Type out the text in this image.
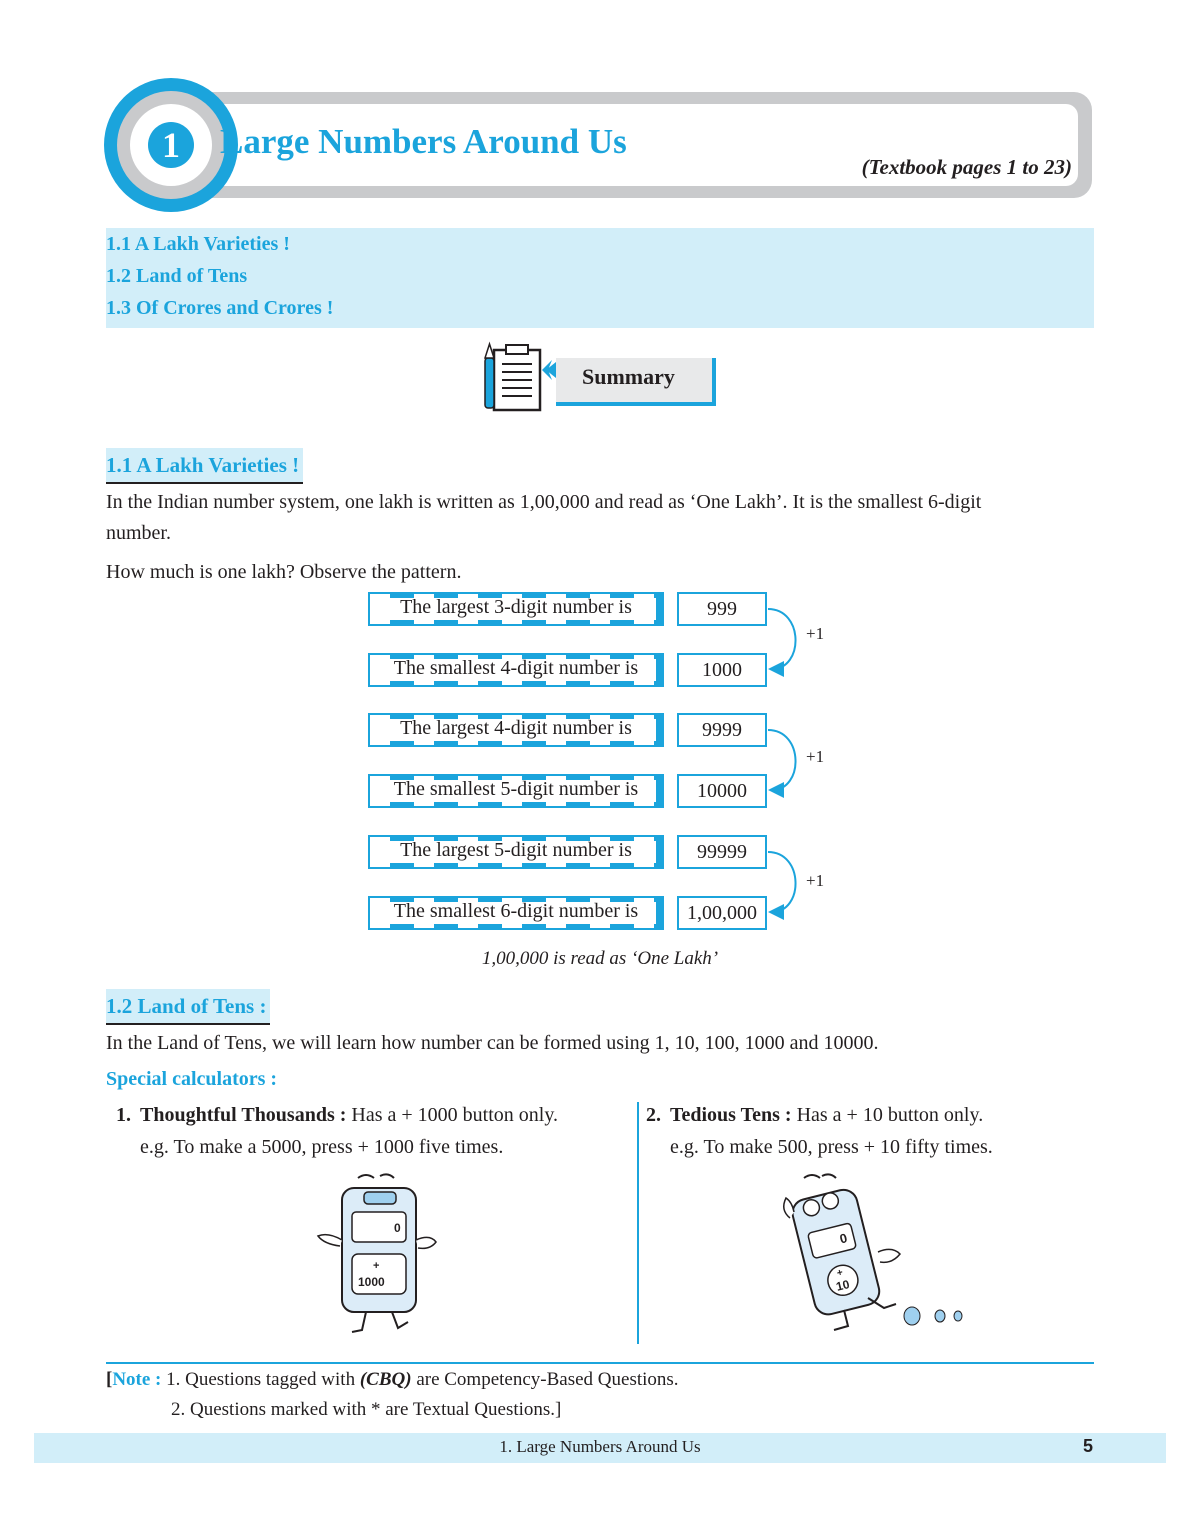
1	Large Numbers Around Us
(Textbook pages 1 to 23)
1.1 A Lakh Varieties !
1.2 Land of Tens
1.3 Of Crores and Crores !
Summary
1.1 A Lakh Varieties !
In the Indian number system, one lakh is written as 1,00,000 and read as ‘One Lakh’. It is the smallest 6-digit
number.
How much is one lakh? Observe the pattern.
The largest 3-digit number is	999
The smallest 4-digit number is	1000
The largest 4-digit number is	9999
The smallest 5-digit number is	10000
The largest 5-digit number is	99999
The smallest 6-digit number is	1,00,000
+1
+1
+1
1,00,000 is read as ‘One Lakh’
1.2 Land of Tens :
In the Land of Tens, we will learn how number can be formed using 1, 10, 100, 1000 and 10000.
Special calculators :
1. Thoughtful Thousands : Has a + 1000 button only.
e.g. To make a 5000, press + 1000 five times.
2. Tedious Tens : Has a + 10 button only.
e.g. To make 500, press + 10 fifty times.
0
+
1000
0
+
10
[Note : 1. Questions tagged with (CBQ) are Competency-Based Questions.
2. Questions marked with * are Textual Questions.]
1. Large Numbers Around Us	5
